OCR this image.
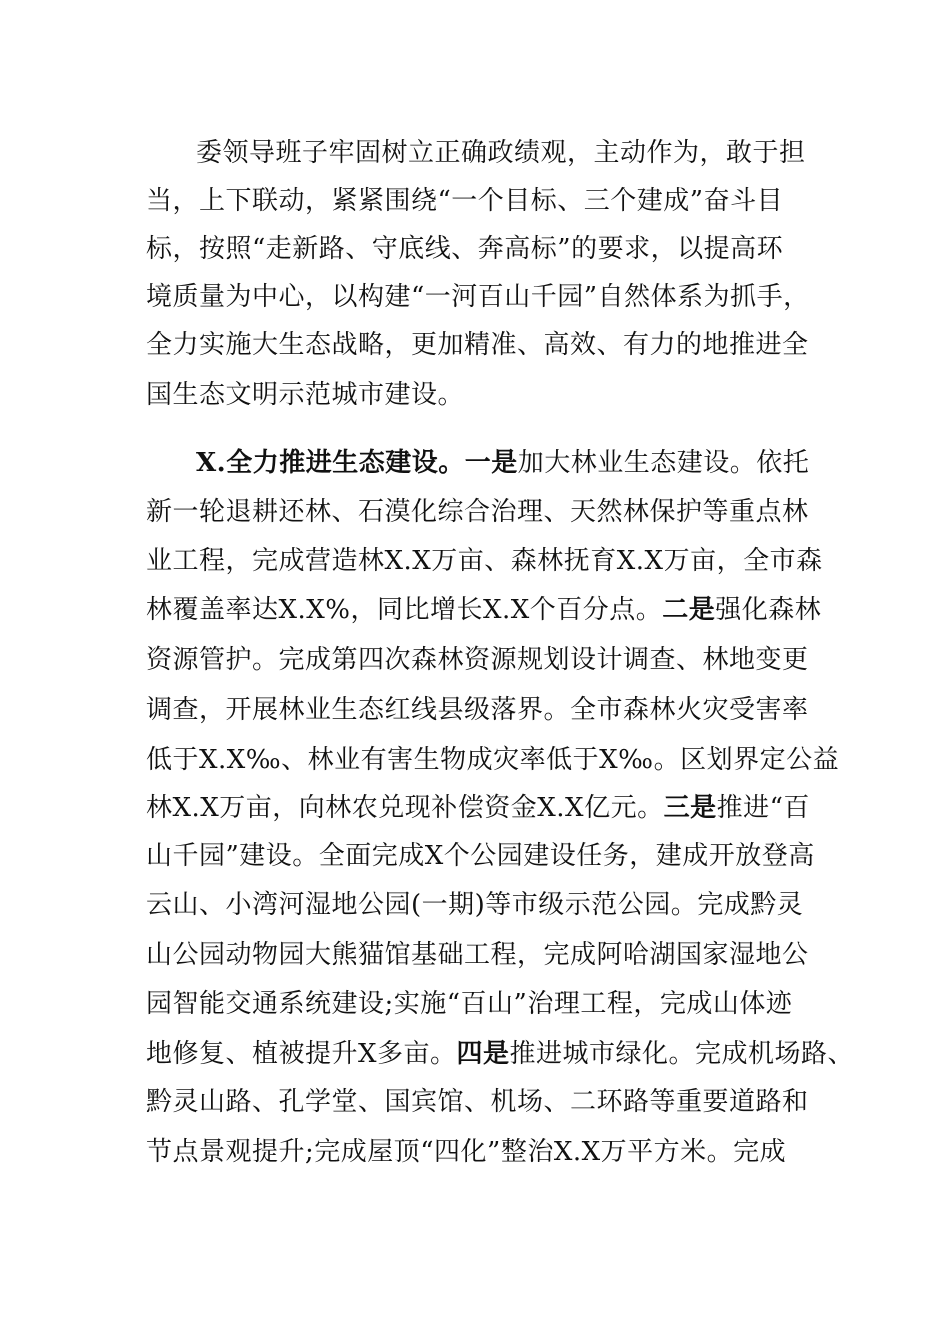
委领导班子牢固树立正确政绩观，主动作为，敢于担
当，上下联动，紧紧围绕“一个目标、三个建成”奋斗目
标，按照“走新路、守底线、奔高标”的要求，以提高环
境质量为中心，以构建“一河百山千园”自然体系为抓手，
全力实施大生态战略，更加精准、高效、有力的地推进全
国生态文明示范城市建设。
X.全力推进生态建设。一是加大林业生态建设。依托
新一轮退耕还林、石漠化综合治理、天然林保护等重点林
业工程，完成营造林X.X万亩、森林抚育X.X万亩，全市森
林覆盖率达X.X%，同比增长X.X个百分点。二是强化森林
资源管护。完成第四次森林资源规划设计调查、林地变更
调查，开展林业生态红线县级落界。全市森林火灾受害率
低于X.X‰、林业有害生物成灾率低于X‰。区划界定公益
林X.X万亩，向林农兑现补偿资金X.X亿元。三是推进“百
山千园”建设。全面完成X个公园建设任务，建成开放登高
云山、小湾河湿地公园(一期)等市级示范公园。完成黔灵
山公园动物园大熊猫馆基础工程，完成阿哈湖国家湿地公
园智能交通系统建设;实施“百山”治理工程，完成山体迹
地修复、植被提升X多亩。四是推进城市绿化。完成机场路、
黔灵山路、孔学堂、国宾馆、机场、二环路等重要道路和
节点景观提升;完成屋顶“四化”整治X.X万平方米。完成
